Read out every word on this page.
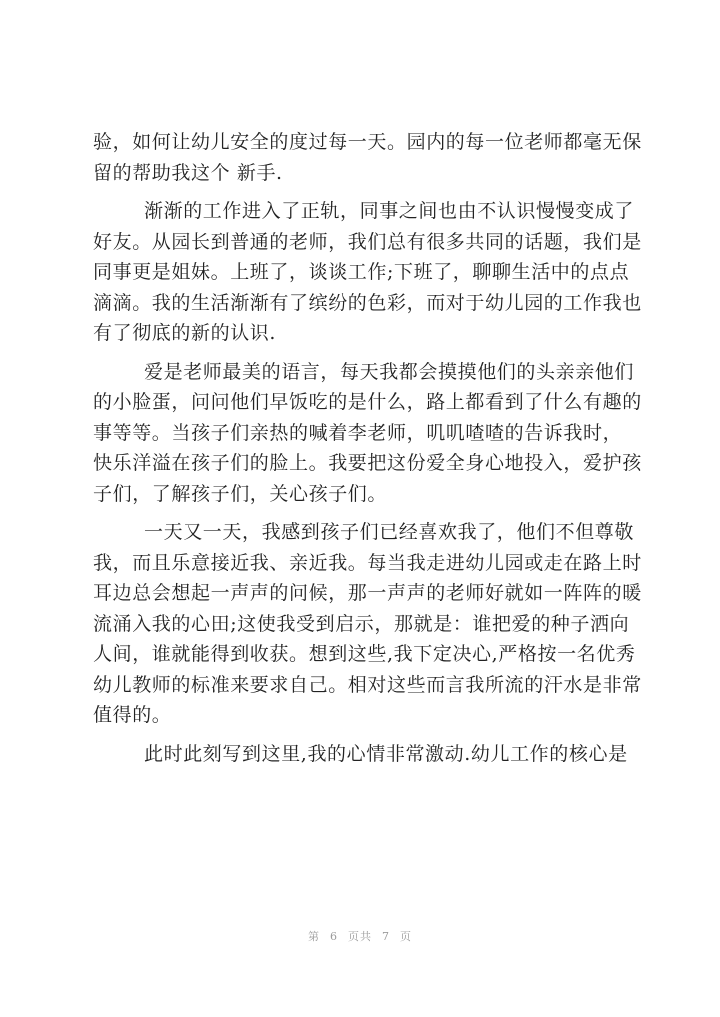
验，如何让幼儿安全的度过每一天。园内的每一位老师都毫无保
留的帮助我这个 新手.
渐渐的工作进入了正轨，同事之间也由不认识慢慢变成了
好友。从园长到普通的老师，我们总有很多共同的话题，我们是
同事更是姐妹。上班了，谈谈工作;下班了，聊聊生活中的点点
滴滴。我的生活渐渐有了缤纷的色彩，而对于幼儿园的工作我也
有了彻底的新的认识.
爱是老师最美的语言，每天我都会摸摸他们的头亲亲他们
的小脸蛋，问问他们早饭吃的是什么，路上都看到了什么有趣的
事等等。当孩子们亲热的喊着李老师，叽叽喳喳的告诉我时，
快乐洋溢在孩子们的脸上。我要把这份爱全身心地投入，爱护孩
子们，了解孩子们，关心孩子们。
一天又一天，我感到孩子们已经喜欢我了，他们不但尊敬
我，而且乐意接近我、亲近我。每当我走进幼儿园或走在路上时
耳边总会想起一声声的问候，那一声声的老师好就如一阵阵的暖
流涌入我的心田;这使我受到启示，那就是：谁把爱的种子洒向
人间，谁就能得到收获。想到这些,我下定决心,严格按一名优秀
幼儿教师的标准来要求自己。相对这些而言我所流的汗水是非常
值得的。
此时此刻写到这里,我的心情非常激动.幼儿工作的核心是
第 6 页共 7 页
